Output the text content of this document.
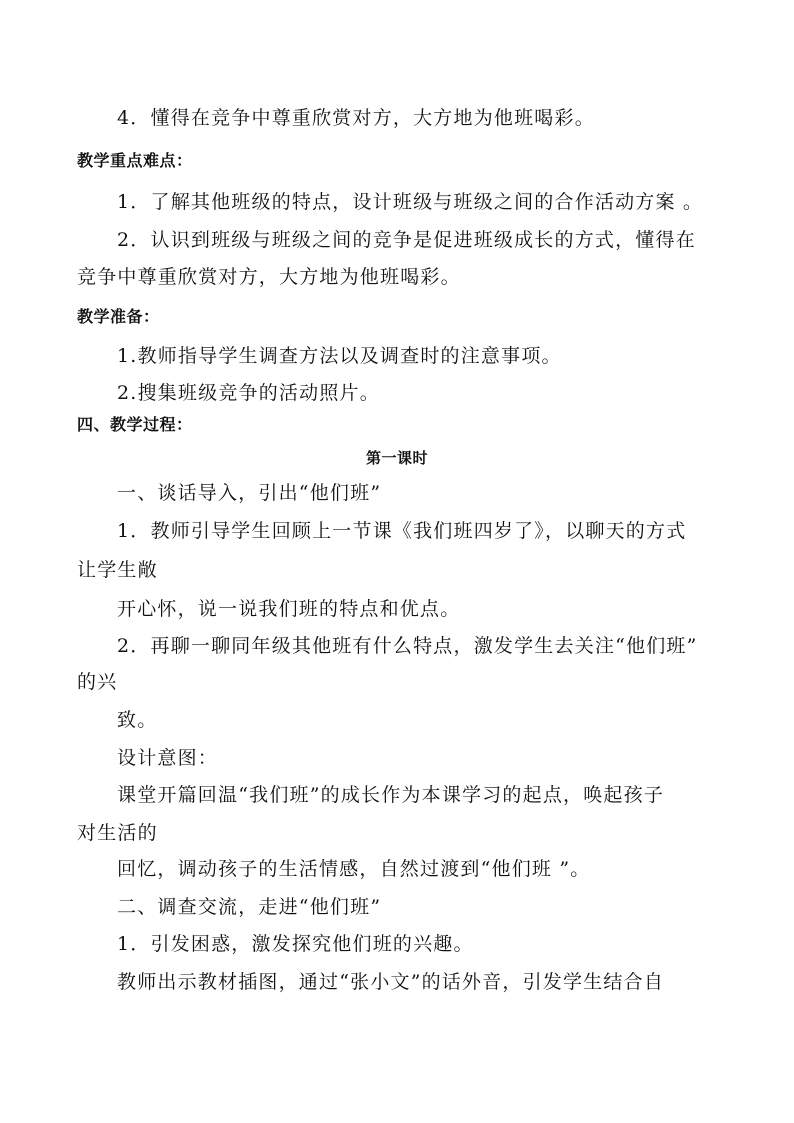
4．懂得在竞争中尊重欣赏对方，大方地为他班喝彩。
教学重点难点：
1．了解其他班级的特点，设计班级与班级之间的合作活动方案 。
2．认识到班级与班级之间的竞争是促进班级成长的方式，懂得在
竞争中尊重欣赏对方，大方地为他班喝彩。
教学准备：
1.教师指导学生调查方法以及调查时的注意事项。
2.搜集班级竞争的活动照片。
四、教学过程：
第一课时
一、谈话导入，引出“他们班”
1．教师引导学生回顾上一节课《我们班四岁了》，以聊天的方式
让学生敞
开心怀，说一说我们班的特点和优点。
2．再聊一聊同年级其他班有什么特点，激发学生去关注“他们班”
的兴
致。
设计意图：
课堂开篇回温“我们班”的成长作为本课学习的起点，唤起孩子
对生活的
回忆，调动孩子的生活情感，自然过渡到“他们班 ”。
二、调查交流，走进“他们班”
1．引发困惑，激发探究他们班的兴趣。
教师出示教材插图，通过“张小文”的话外音，引发学生结合自
